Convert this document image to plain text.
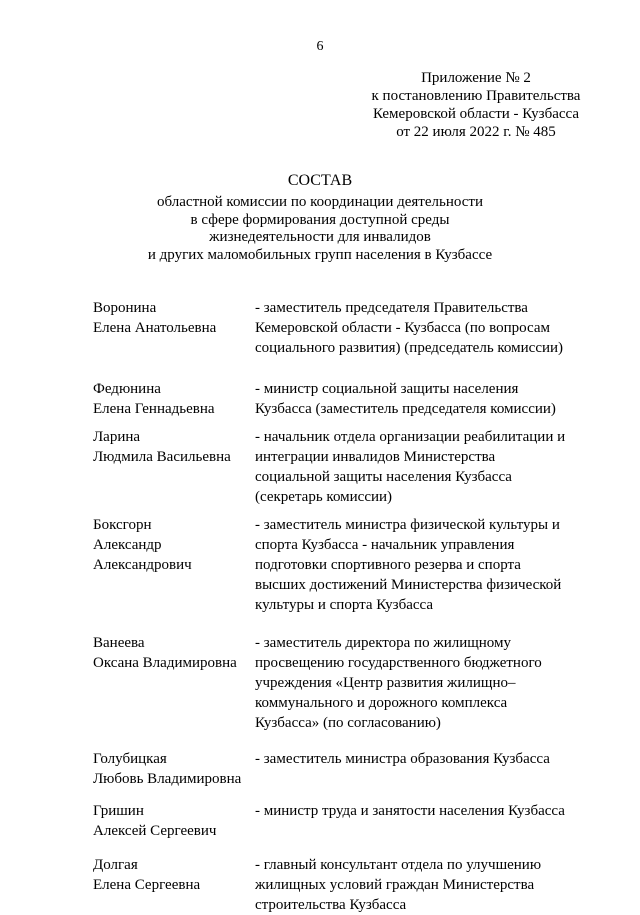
6
Приложение № 2
к постановлению Правительства
Кемеровской области - Кузбасса
от 22 июля 2022 г. № 485
СОСТАВ
областной комиссии по координации деятельности
в сфере формирования доступной среды
жизнедеятельности для инвалидов
и других маломобильных групп населения в Кузбассе
Воронина
Елена Анатольевна
- заместитель председателя Правительства
Кемеровской области - Кузбасса (по вопросам
социального развития) (председатель комиссии)
Федюнина
Елена Геннадьевна
- министр социальной защиты населения
Кузбасса (заместитель председателя комиссии)
Ларина
Людмила Васильевна
- начальник отдела организации реабилитации и
интеграции инвалидов Министерства
социальной защиты населения Кузбасса
(секретарь комиссии)
Боксгорн
Александр
Александрович
- заместитель министра физической культуры и
спорта Кузбасса - начальник управления
подготовки спортивного резерва и спорта
высших достижений Министерства физической
культуры и спорта Кузбасса
Ванеева
Оксана Владимировна
- заместитель директора по жилищному
просвещению государственного бюджетного
учреждения «Центр развития жилищно–
коммунального и дорожного комплекса
Кузбасса» (по согласованию)
Голубицкая
Любовь Владимировна
- заместитель министра образования Кузбасса
Гришин
Алексей Сергеевич
- министр труда и занятости населения Кузбасса
Долгая
Елена Сергеевна
- главный консультант отдела по улучшению
жилищных условий граждан Министерства
строительства Кузбасса
